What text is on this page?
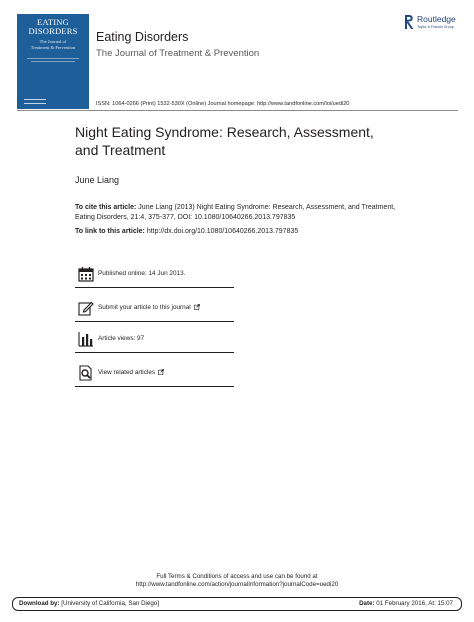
EATING
DISORDERS
The Journal of
Treatment & Prevention
Eating Disorders
The Journal of Treatment & Prevention
Routledge
Taylor & Francis Group
ISSN: 1064-0266 (Print) 1532-530X (Online) Journal homepage: http://www.tandfonline.com/loi/uedi20
Night Eating Syndrome: Research, Assessment,
and Treatment
June Liang
To cite this article: June Liang (2013) Night Eating Syndrome: Research, Assessment, and Treatment, Eating Disorders, 21:4, 375-377, DOI: 10.1080/10640266.2013.797835
To link to this article: http://dx.doi.org/10.1080/10640266.2013.797835
Published online: 14 Jun 2013.
Submit your article to this journal
Article views: 97
View related articles
Full Terms & Conditions of access and use can be found at
http://www.tandfonline.com/action/journalInformation?journalCode=uedi20
Download by: [University of California, San Diego]	Date: 01 February 2016, At: 15:07
